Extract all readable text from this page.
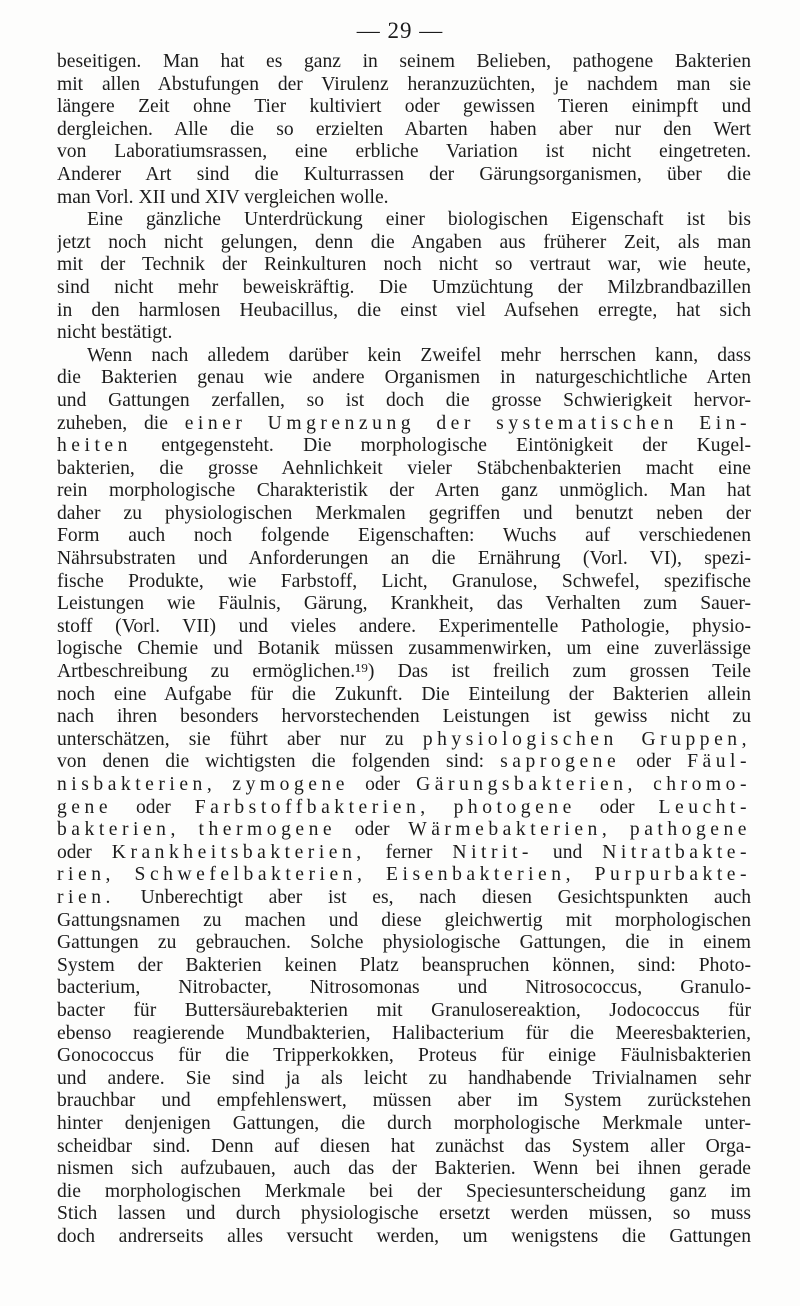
— 29 —
beseitigen. Man hat es ganz in seinem Belieben, pathogene Bakterien
mit allen Abstufungen der Virulenz heranzuzüchten, je nachdem man sie
längere Zeit ohne Tier kultiviert oder gewissen Tieren einimpft und
dergleichen. Alle die so erzielten Abarten haben aber nur den Wert
von Laboratiumsrassen, eine erbliche Variation ist nicht eingetreten.
Anderer Art sind die Kulturrassen der Gärungsorganismen, über die
man Vorl. XII und XIV vergleichen wolle.
Eine gänzliche Unterdrückung einer biologischen Eigenschaft ist bis
jetzt noch nicht gelungen, denn die Angaben aus früherer Zeit, als man
mit der Technik der Reinkulturen noch nicht so vertraut war, wie heute,
sind nicht mehr beweiskräftig. Die Umzüchtung der Milzbrandbazillen
in den harmlosen Heubacillus, die einst viel Aufsehen erregte, hat sich
nicht bestätigt.
Wenn nach alledem darüber kein Zweifel mehr herrschen kann, dass
die Bakterien genau wie andere Organismen in naturgeschichtliche Arten
und Gattungen zerfallen, so ist doch die grosse Schwierigkeit hervor-
zuheben, die einer Umgrenzung der systematischen Ein-
heiten entgegensteht. Die morphologische Eintönigkeit der Kugel-
bakterien, die grosse Aehnlichkeit vieler Stäbchenbakterien macht eine
rein morphologische Charakteristik der Arten ganz unmöglich. Man hat
daher zu physiologischen Merkmalen gegriffen und benutzt neben der
Form auch noch folgende Eigenschaften: Wuchs auf verschiedenen
Nährsubstraten und Anforderungen an die Ernährung (Vorl. VI), spezi-
fische Produkte, wie Farbstoff, Licht, Granulose, Schwefel, spezifische
Leistungen wie Fäulnis, Gärung, Krankheit, das Verhalten zum Sauer-
stoff (Vorl. VII) und vieles andere. Experimentelle Pathologie, physio-
logische Chemie und Botanik müssen zusammenwirken, um eine zuverlässige
Artbeschreibung zu ermöglichen.¹⁹) Das ist freilich zum grossen Teile
noch eine Aufgabe für die Zukunft. Die Einteilung der Bakterien allein
nach ihren besonders hervorstechenden Leistungen ist gewiss nicht zu
unterschätzen, sie führt aber nur zu physiologischen Gruppen,
von denen die wichtigsten die folgenden sind: saprogene oder Fäul-
nisbakterien, zymogene oder Gärungsbakterien, chromo-
gene oder Farbstoffbakterien, photogene oder Leucht-
bakterien, thermogene oder Wärmebakterien, pathogene
oder Krankheitsbakterien, ferner Nitrit- und Nitratbakte-
rien, Schwefelbakterien, Eisenbakterien, Purpurbakte-
rien. Unberechtigt aber ist es, nach diesen Gesichtspunkten auch
Gattungsnamen zu machen und diese gleichwertig mit morphologischen
Gattungen zu gebrauchen. Solche physiologische Gattungen, die in einem
System der Bakterien keinen Platz beanspruchen können, sind: Photo-
bacterium, Nitrobacter, Nitrosomonas und Nitrosococcus, Granulo-
bacter für Buttersäurebakterien mit Granulosereaktion, Jodococcus für
ebenso reagierende Mundbakterien, Halibacterium für die Meeresbakterien,
Gonococcus für die Tripperkokken, Proteus für einige Fäulnisbakterien
und andere. Sie sind ja als leicht zu handhabende Trivialnamen sehr
brauchbar und empfehlenswert, müssen aber im System zurückstehen
hinter denjenigen Gattungen, die durch morphologische Merkmale unter-
scheidbar sind. Denn auf diesen hat zunächst das System aller Orga-
nismen sich aufzubauen, auch das der Bakterien. Wenn bei ihnen gerade
die morphologischen Merkmale bei der Speciesunterscheidung ganz im
Stich lassen und durch physiologische ersetzt werden müssen, so muss
doch andrerseits alles versucht werden, um wenigstens die Gattungen
